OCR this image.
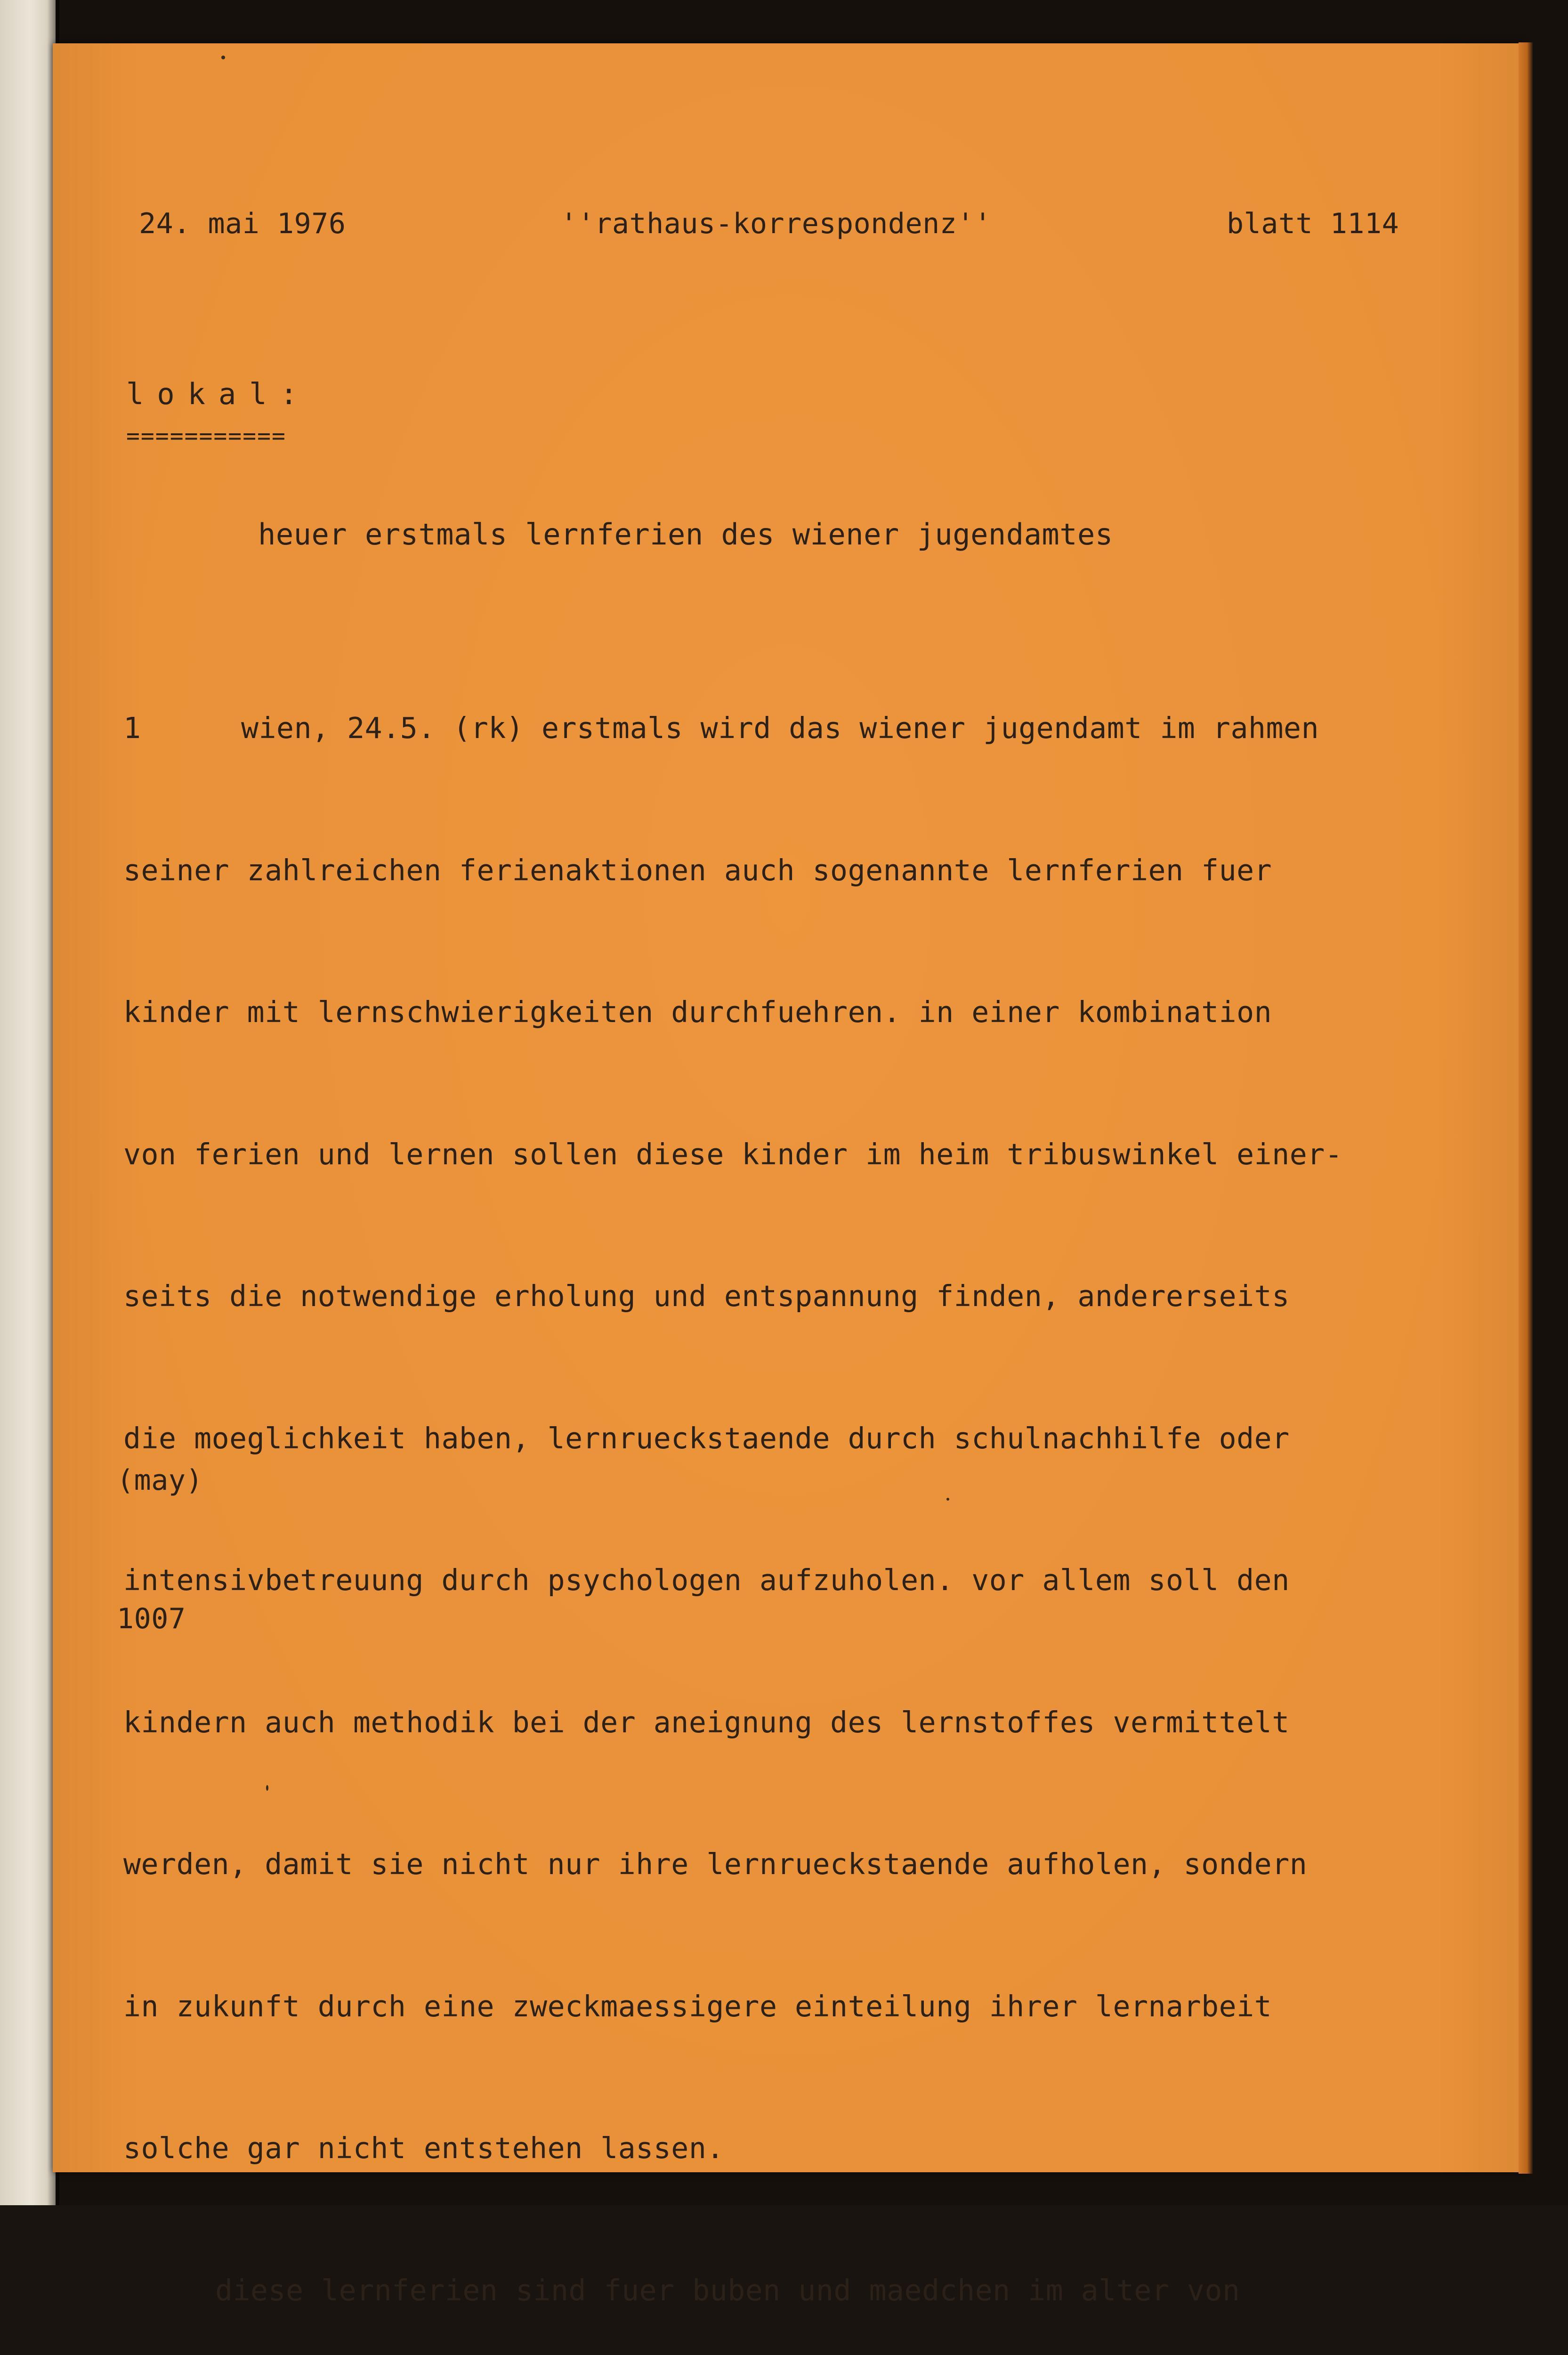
24. mai 1976	''rathaus-korrespondenz''	blatt 1114

lokal:

===========

heuer erstmals lernferien des wiener jugendamtes

1	wien, 24.5. (rk) erstmals wird das wiener jugendamt im rahmen

seiner zahlreichen ferienaktionen auch sogenannte lernferien fuer

kinder mit lernschwierigkeiten durchfuehren. in einer kombination

von ferien und lernen sollen diese kinder im heim tribuswinkel einer-

seits die notwendige erholung und entspannung finden, andererseits

die moeglichkeit haben, lernrueckstaende durch schulnachhilfe oder

intensivbetreuung durch psychologen aufzuholen. vor allem soll den

kindern auch methodik bei der aneignung des lernstoffes vermittelt

werden, damit sie nicht nur ihre lernrueckstaende aufholen, sondern

in zukunft durch eine zweckmaessigere einteilung ihrer lernarbeit

solche gar nicht entstehen lassen.

diese lernferien sind fuer buben und maedchen im alter von

(may)

1007
